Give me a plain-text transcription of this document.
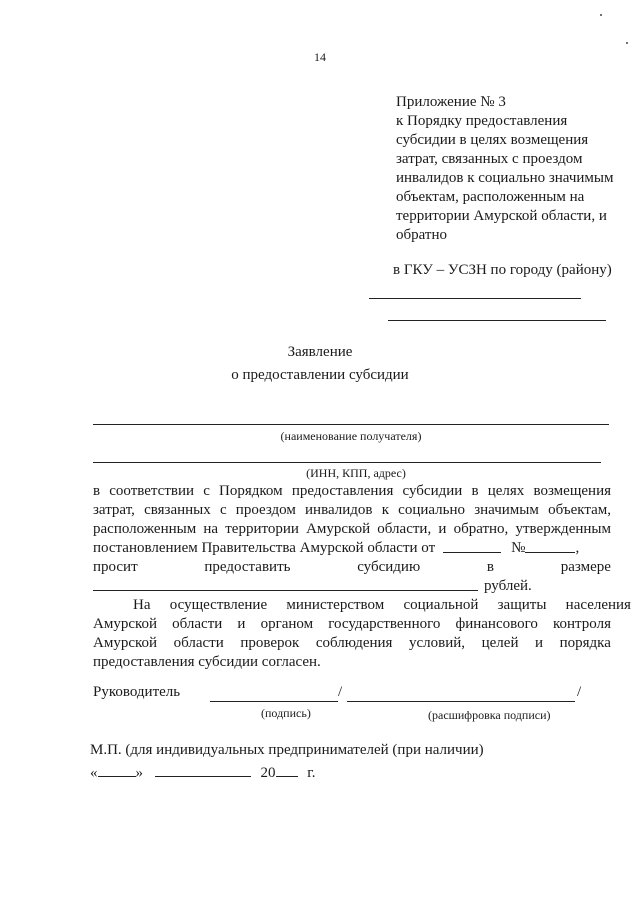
14
Приложение № 3
к Порядку предоставления
субсидии в целях возмещения
затрат, связанных с проездом
инвалидов к социально значимым
объектам, расположенным на
территории Амурской области, и
обратно
в ГКУ – УСЗН по городу (району)
Заявление
о предоставлении субсидии
(наименование получателя)
(ИНН, КПП, адрес)
в соответствии с Порядком предоставления субсидии в целях возмещения
затрат, связанных с проездом инвалидов к социально значимым объектам,
расположенным на территории Амурской области, и обратно, утвержденным
постановлением Правительства Амурской области от	№	,
просит	предоставить	субсидию	в	размере
рублей.
На осуществление министерством социальной защиты населения
Амурской области и органом государственного финансового контроля
Амурской области проверок соблюдения условий, целей и порядка
предоставления субсидии согласен.
Руководитель	/	/
(подпись)	(расшифровка подписи)
М.П. (для индивидуальных предпринимателей (при наличии)
«	»	20 г.
